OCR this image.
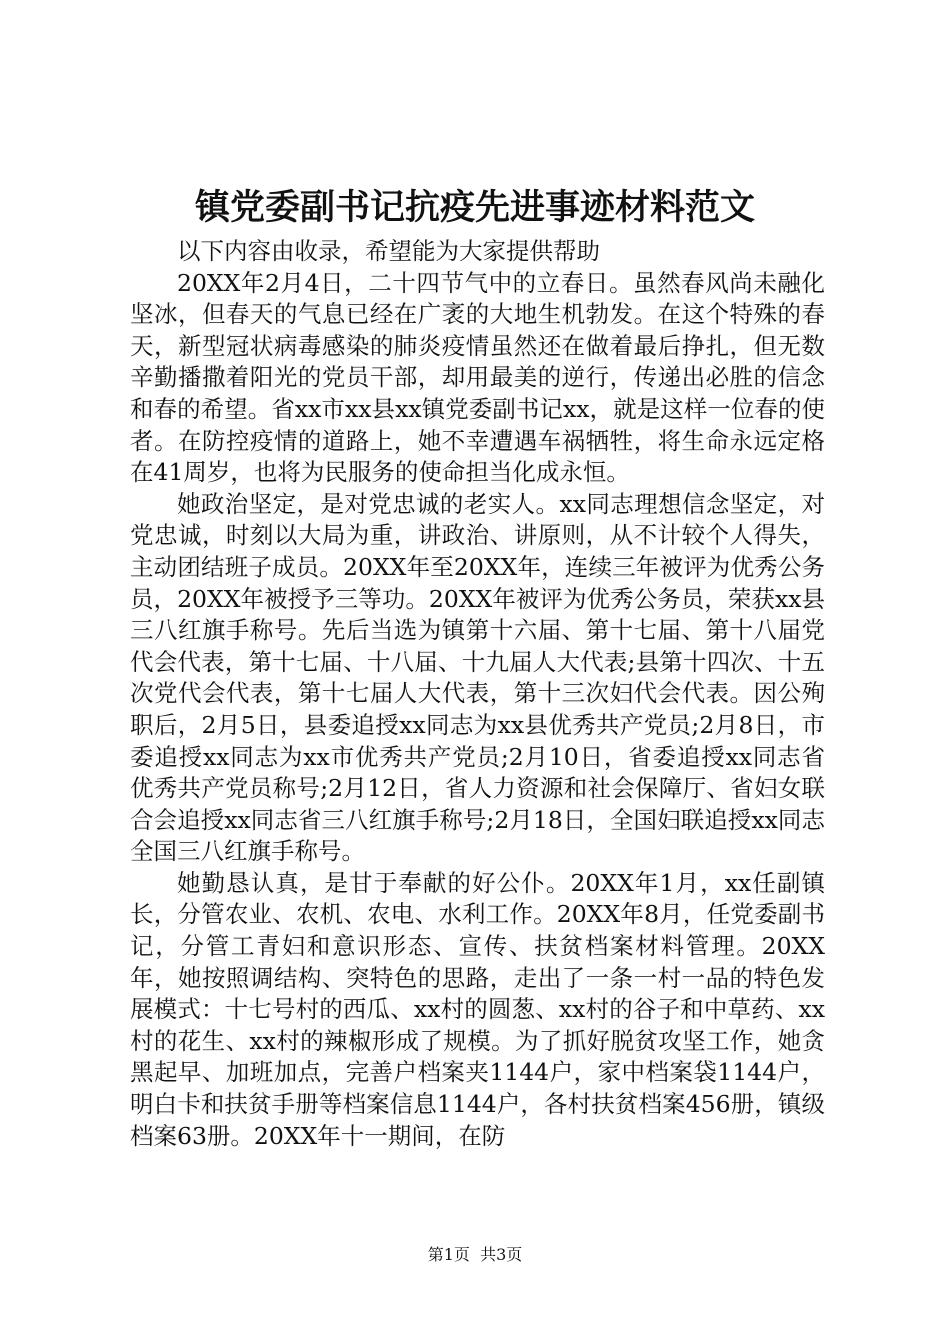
镇党委副书记抗疫先进事迹材料范文

以下内容由收录，希望能为大家提供帮助

20XX年2月4日，二十四节气中的立春日。虽然春风尚未融化坚冰，但春天的气息已经在广袤的大地生机勃发。在这个特殊的春天，新型冠状病毒感染的肺炎疫情虽然还在做着最后挣扎，但无数辛勤播撒着阳光的党员干部，却用最美的逆行，传递出必胜的信念和春的希望。省xx市xx县xx镇党委副书记xx，就是这样一位春的使者。在防控疫情的道路上，她不幸遭遇车祸牺牲，将生命永远定格在41周岁，也将为民服务的使命担当化成永恒。

她政治坚定，是对党忠诚的老实人。xx同志理想信念坚定，对党忠诚，时刻以大局为重，讲政治、讲原则，从不计较个人得失，主动团结班子成员。20XX年至20XX年，连续三年被评为优秀公务员，20XX年被授予三等功。20XX年被评为优秀公务员，荣获xx县三八红旗手称号。先后当选为镇第十六届、第十七届、第十八届党代会代表，第十七届、十八届、十九届人大代表;县第十四次、十五次党代会代表，第十七届人大代表，第十三次妇代会代表。因公殉职后，2月5日，县委追授xx同志为xx县优秀共产党员;2月8日，市委追授xx同志为xx市优秀共产党员;2月10日，省委追授xx同志省优秀共产党员称号;2月12日，省人力资源和社会保障厅、省妇女联合会追授xx同志省三八红旗手称号;2月18日，全国妇联追授xx同志全国三八红旗手称号。

她勤恳认真，是甘于奉献的好公仆。20XX年1月，xx任副镇长，分管农业、农机、农电、水利工作。20XX年8月，任党委副书记，分管工青妇和意识形态、宣传、扶贫档案材料管理。20XX年，她按照调结构、突特色的思路，走出了一条一村一品的特色发展模式：十七号村的西瓜、xx村的圆葱、xx村的谷子和中草药、xx村的花生、xx村的辣椒形成了规模。为了抓好脱贫攻坚工作，她贪黑起早、加班加点，完善户档案夹1144户，家中档案袋1144户，明白卡和扶贫手册等档案信息1144户，各村扶贫档案456册，镇级档案63册。20XX年十一期间，在防

第1页 共3页
